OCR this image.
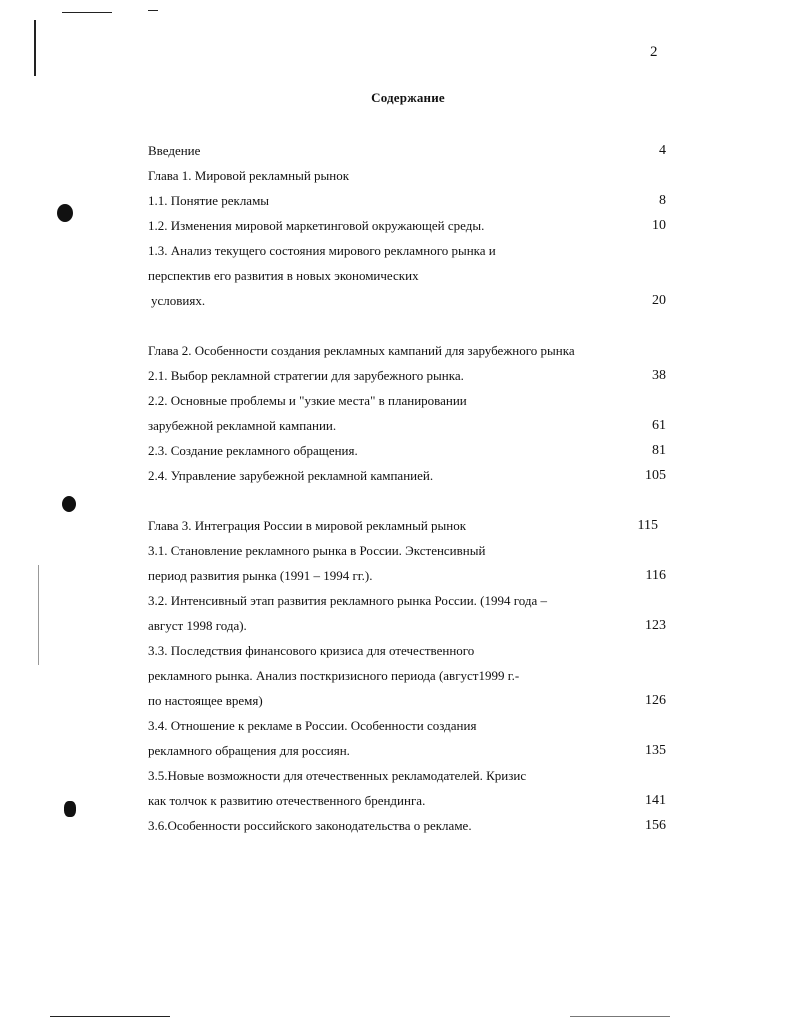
2
Содержание
Введение	4
Глава 1. Мировой рекламный рынок
1.1. Понятие рекламы	8
1.2. Изменения мировой маркетинговой окружающей среды.	10
1.3. Анализ текущего состояния мирового рекламного рынка и
перспектив его развития в новых экономических
условиях.	20
Глава 2. Особенности создания рекламных кампаний для зарубежного рынка
2.1. Выбор рекламной стратегии для зарубежного рынка.	38
2.2. Основные проблемы и "узкие места" в планировании
зарубежной рекламной кампании.	61
2.3. Создание рекламного обращения.	81
2.4. Управление зарубежной рекламной кампанией.	105
Глава 3. Интеграция России в мировой рекламный рынок	115
3.1. Становление рекламного рынка в России. Экстенсивный
период развития рынка (1991 – 1994 гг.).	116
3.2. Интенсивный этап развития рекламного рынка России. (1994 года –
август 1998 года).	123
3.3. Последствия финансового кризиса для отечественного
рекламного рынка. Анализ посткризисного периода (август1999 г.-
по настоящее время)	126
3.4. Отношение к рекламе в России. Особенности создания
рекламного обращения для россиян.	135
3.5.Новые возможности для отечественных рекламодателей. Кризис
как толчок к развитию отечественного брендинга.	141
3.6.Особенности российского законодательства о рекламе.	156
